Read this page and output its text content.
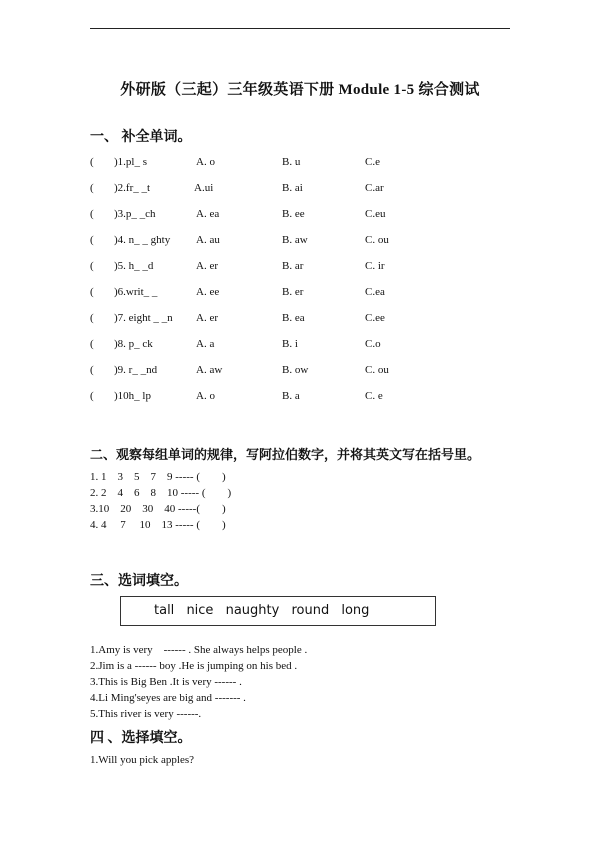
外研版（三起）三年级英语下册 Module 1-5 综合测试
一、 补全单词。
( )1.pl_ s	A. o	B. u	C.e
( )2.fr_ _t	A.ui	B. ai	C.ar
( )3.p_ _ch	A. ea	B. ee	C.eu
( )4. n_ _ ghty A. au	B. aw	C. ou
( )5. h_ _d	A. er	B. ar	C. ir
( )6.writ_ _	A. ee	B. er	C.ea
( )7. eight _ _n A. er	B. ea	C.ee
( )8. p_ ck	A. a	B. i	C.o
( )9. r_ _nd	A. aw	B. ow	C. ou
( )10h_ lp	A. o	B. a	C. e
二、观察每组单词的规律，写阿拉伯数字，并将其英文写在括号里。
1. 1    3    5    7    9 ----- (        )
2. 2    4    6    8    10 ----- (        )
3.10    20    30    40 -----(        )
4. 4     7     10    13 ----- (        )
三、选词填空。
tall nice naughty round long
1.Amy is very    ------ . She always helps people .
2.Jim is a ------ boy .He is jumping on his bed .
3.This is Big Ben .It is very ------ .
4.Li Ming'seyes are big and ------- .
5.This river is very ------.
四 、选择填空。
1.Will you pick apples?
